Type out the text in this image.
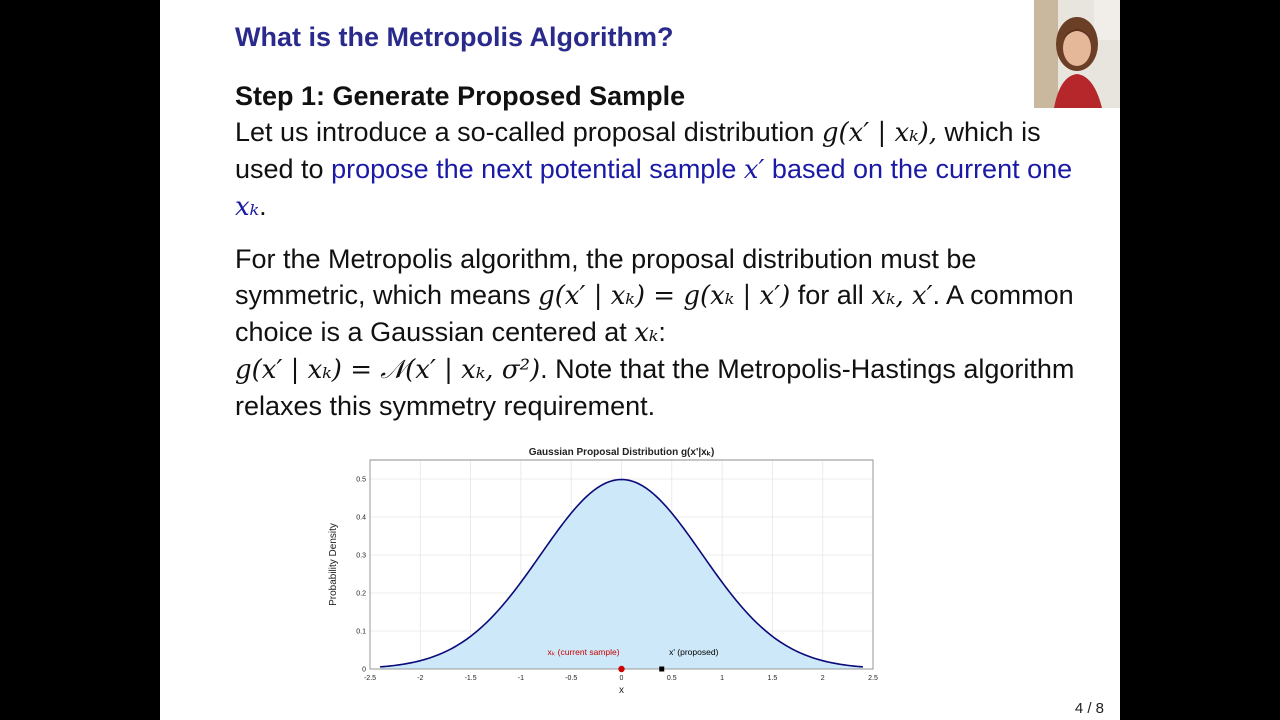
What is the Metropolis Algorithm?

Step 1: Generate Proposed Sample

Let us introduce a so-called proposal distribution g(x′ | xₖ), which is used to propose the next potential sample x′ based on the current one xₖ.

For the Metropolis algorithm, the proposal distribution must be symmetric, which means g(x′ | xₖ) = g(xₖ | x′) for all xₖ, x′. A common choice is a Gaussian centered at xₖ:
g(x′ | xₖ) = 𝒩(x′ | xₖ, σ²). Note that the Metropolis-Hastings algorithm relaxes this symmetry requirement.

Gaussian Proposal Distribution g(x'|xₖ)
Probability Density
x
-2.5	-2	-1.5	-1	-0.5	0	0.5	1	1.5	2	2.5
0
0.1
0.2
0.3
0.4
0.5
xₖ (current sample)	x' (proposed)
4 / 8
